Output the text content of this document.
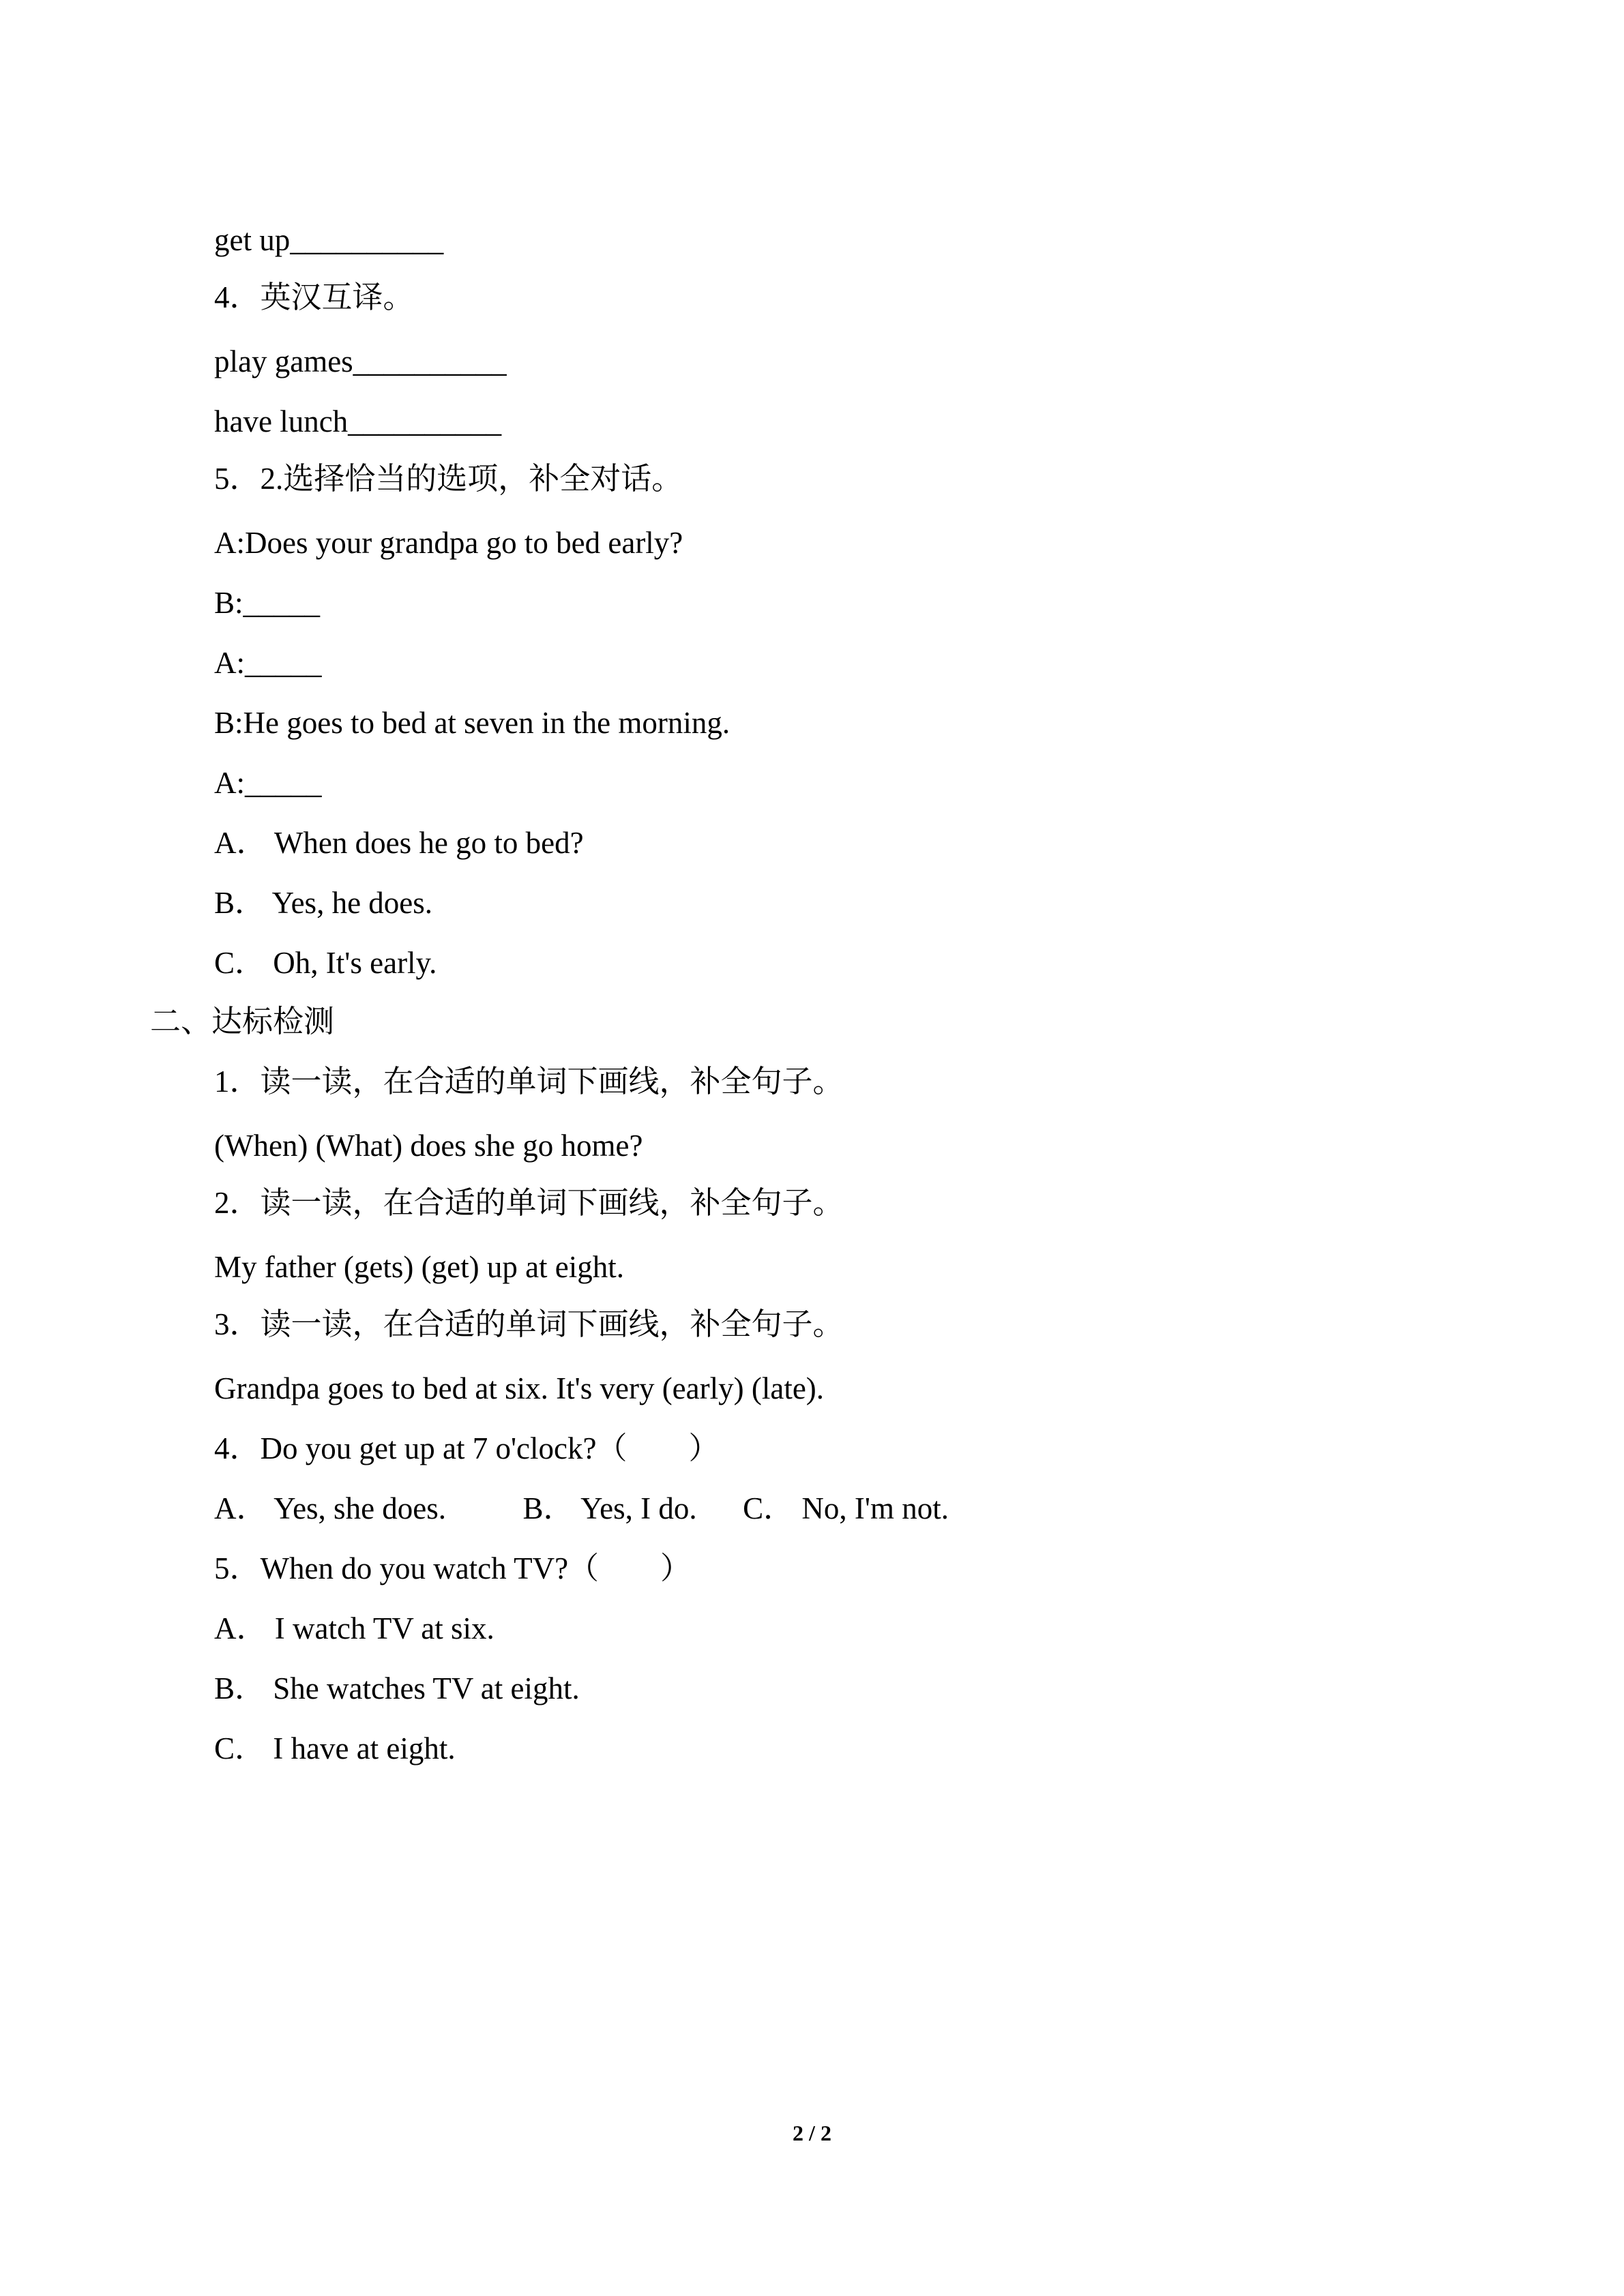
get up__________
4．英汉互译。
play games__________
have lunch__________
5．2.选择恰当的选项，补全对话。
A:Does your grandpa go to bed early?
B:_____
A:_____
B:He goes to bed at seven in the morning.
A:_____
A． When does he go to bed?
B． Yes, he does.
C． Oh, It's early.
二、达标检测
1．读一读，在合适的单词下画线，补全句子。
(When) (What) does she go home?
2．读一读，在合适的单词下画线，补全句子。
My father (gets) (get) up at eight.
3．读一读，在合适的单词下画线，补全句子。
Grandpa goes to bed at six. It's very (early) (late).
4．Do you get up at 7 o'clock?（　　）
A． Yes, she does.          B． Yes, I do.      C． No, I'm not.
5．When do you watch TV?（　　）
A． I watch TV at six.
B． She watches TV at eight.
C． I have at eight.
2 / 2
